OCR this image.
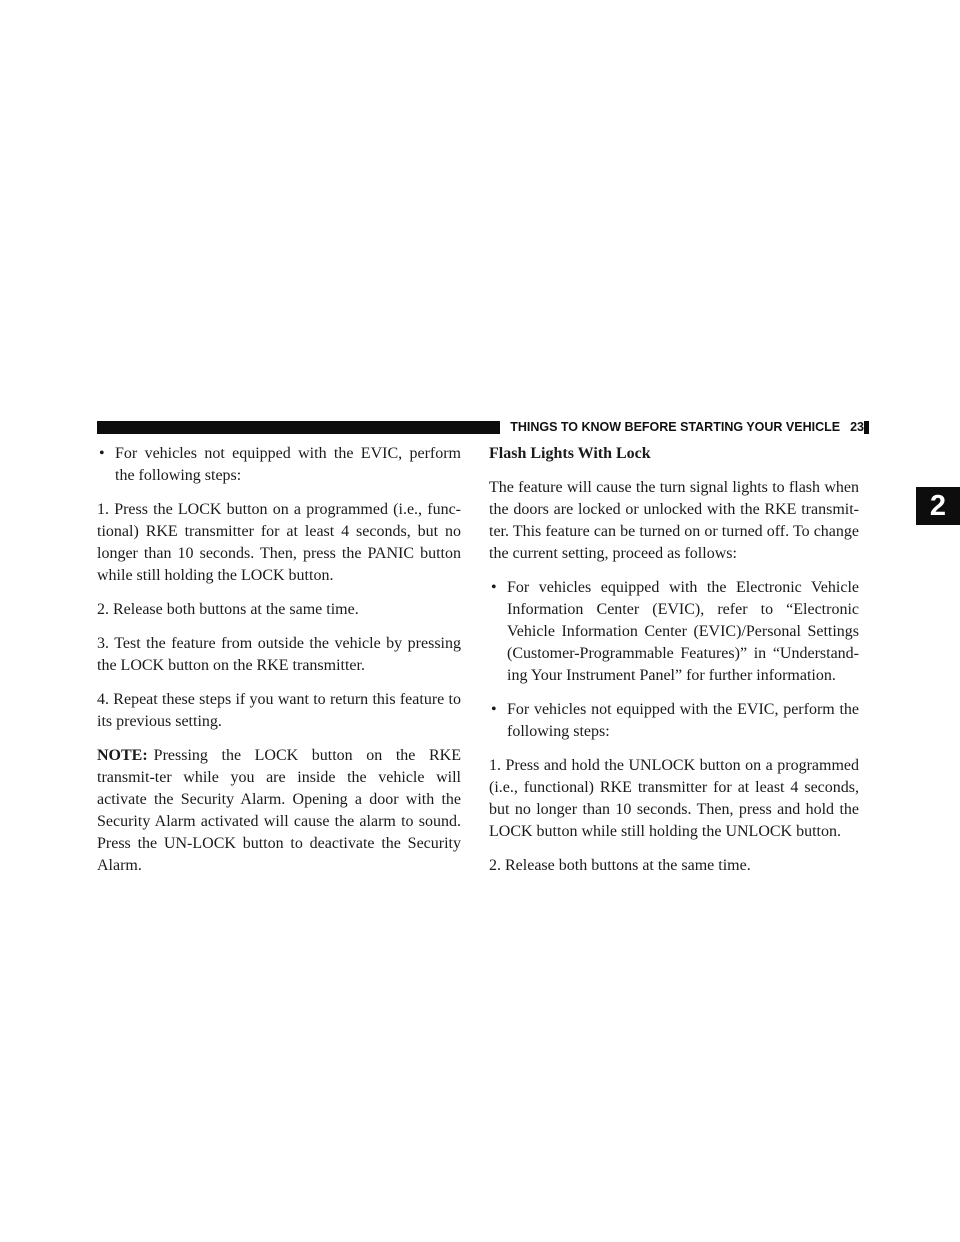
THINGS TO KNOW BEFORE STARTING YOUR VEHICLE 23
2
• For vehicles not equipped with the EVIC, perform the following steps:

1. Press the LOCK button on a programmed (i.e., func-tional) RKE transmitter for at least 4 seconds, but no longer than 10 seconds. Then, press the PANIC button while still holding the LOCK button.

2. Release both buttons at the same time.

3. Test the feature from outside the vehicle by pressing the LOCK button on the RKE transmitter.

4. Repeat these steps if you want to return this feature to its previous setting.

NOTE: Pressing the LOCK button on the RKE transmit-ter while you are inside the vehicle will activate the Security Alarm. Opening a door with the Security Alarm activated will cause the alarm to sound. Press the UN-LOCK button to deactivate the Security Alarm.

Flash Lights With Lock

The feature will cause the turn signal lights to flash when the doors are locked or unlocked with the RKE transmit-ter. This feature can be turned on or turned off. To change the current setting, proceed as follows:

• For vehicles equipped with the Electronic Vehicle Information Center (EVIC), refer to “Electronic Vehicle Information Center (EVIC)/Personal Settings (Customer-Programmable Features)” in “Understand-ing Your Instrument Panel” for further information.
• For vehicles not equipped with the EVIC, perform the following steps:

1. Press and hold the UNLOCK button on a programmed (i.e., functional) RKE transmitter for at least 4 seconds, but no longer than 10 seconds. Then, press and hold the LOCK button while still holding the UNLOCK button.

2. Release both buttons at the same time.
